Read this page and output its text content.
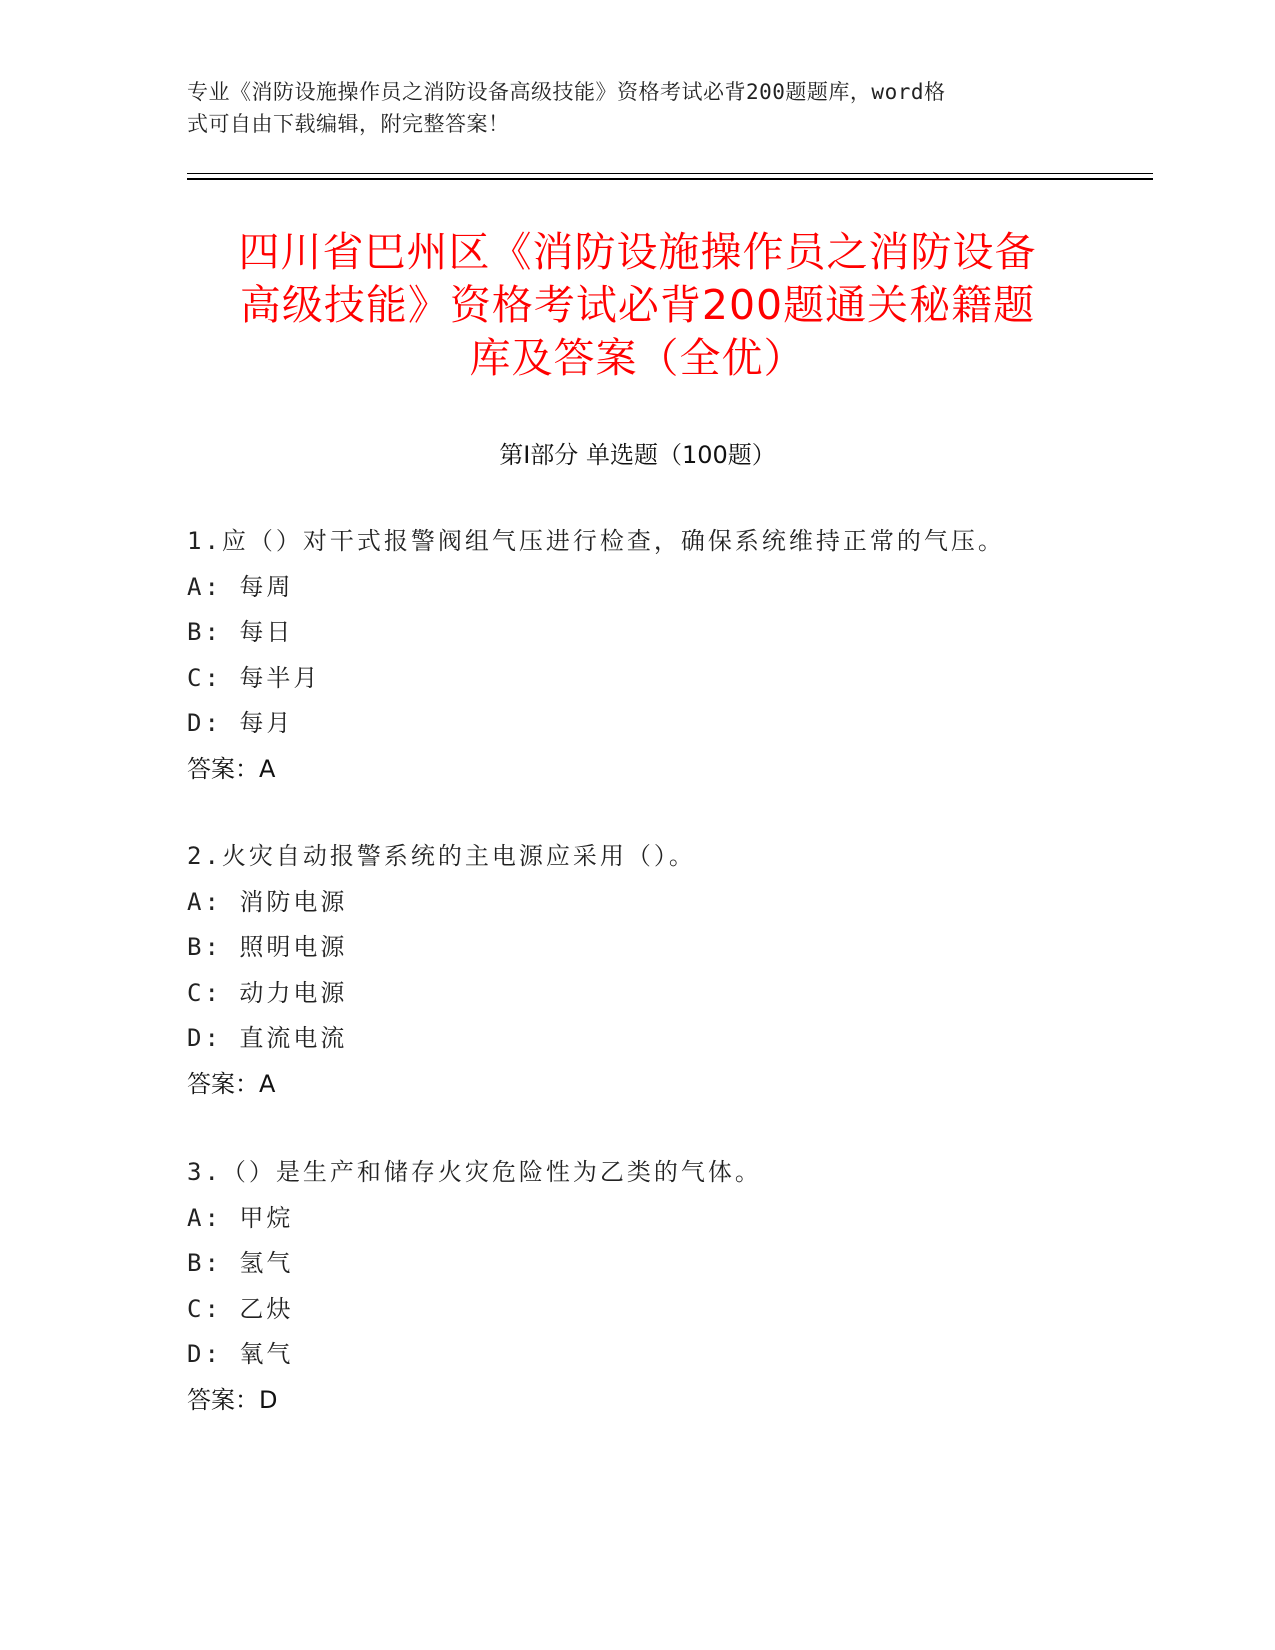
专业《消防设施操作员之消防设备高级技能》资格考试必背200题题库，word格
式可自由下载编辑，附完整答案！
四川省巴州区《消防设施操作员之消防设备
高级技能》资格考试必背200题通关秘籍题
库及答案（全优）
第Ⅰ部分 单选题（100题）
1.应（）对干式报警阀组气压进行检查，确保系统维持正常的气压。
A: 每周
B: 每日
C: 每半月
D: 每月
答案：A
2.火灾自动报警系统的主电源应采用（）。
A: 消防电源
B: 照明电源
C: 动力电源
D: 直流电流
答案：A
3.（）是生产和储存火灾危险性为乙类的气体。
A: 甲烷
B: 氢气
C: 乙炔
D: 氧气
答案：D
